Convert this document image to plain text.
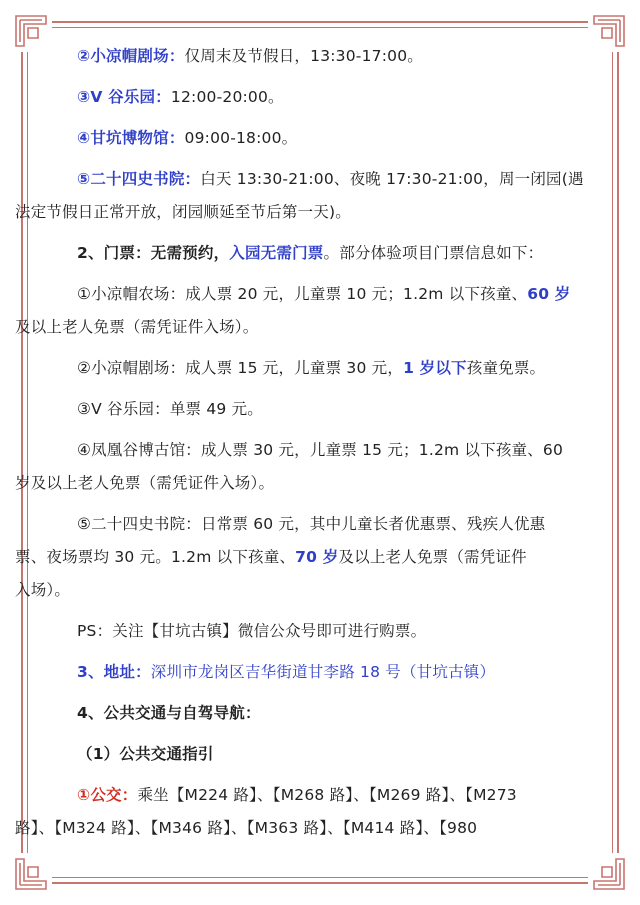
②小凉帽剧场：仅周末及节假日，13:30-17:00。

③V 谷乐园：12:00-20:00。

④甘坑博物馆：09:00-18:00。

⑤二十四史书院：白天 13:30-21:00、夜晚 17:30-21:00，周一闭园(遇
法定节假日正常开放，闭园顺延至节后第一天)。

2、门票：无需预约，入园无需门票。部分体验项目门票信息如下：

①小凉帽农场：成人票 20 元，儿童票 10 元；1.2m 以下孩童、60 岁
及以上老人免票（需凭证件入场）。

②小凉帽剧场：成人票 15 元，儿童票 30 元，1 岁以下孩童免票。

③V 谷乐园：单票 49 元。

④凤凰谷博古馆：成人票 30 元，儿童票 15 元；1.2m 以下孩童、60
岁及以上老人免票（需凭证件入场）。

⑤二十四史书院：日常票 60 元，其中儿童长者优惠票、残疾人优惠
票、夜场票均 30 元。1.2m 以下孩童、70 岁及以上老人免票（需凭证件
入场）。

PS：关注【甘坑古镇】微信公众号即可进行购票。

3、地址：深圳市龙岗区吉华街道甘李路 18 号（甘坑古镇）

4、公共交通与自驾导航：

（1）公共交通指引

①公交：乘坐【M224 路】、【M268 路】、【M269 路】、【M273
路】、【M324 路】、【M346 路】、【M363 路】、【M414 路】、【980
